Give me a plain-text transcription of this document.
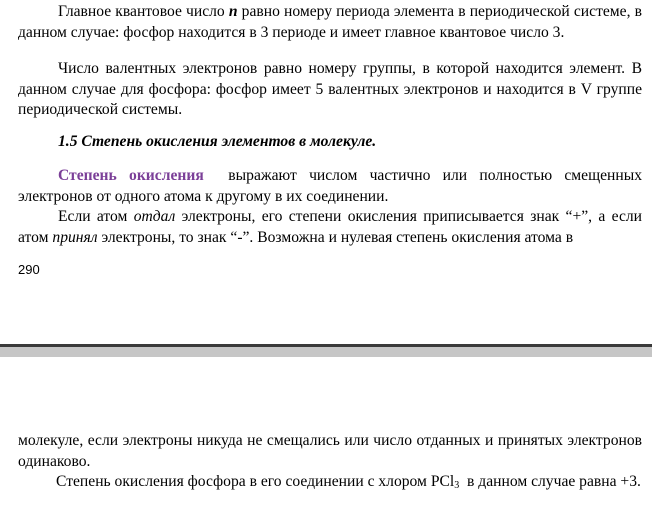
Главное квантовое число n равно номеру периода элемента в периодической системе, в данном случае: фосфор находится в 3 периоде и имеет главное квантовое число 3.

Число валентных электронов равно номеру группы, в которой находится элемент. В данном случае для фосфора: фосфор имеет 5 валентных электронов и находится в V группе периодической системы.

1.5 Степень окисления элементов в молекуле.

Степень окисления  выражают числом частично или полностью смещенных электронов от одного атома к другому в их соединении.

Если атом отдал электроны, его степени окисления приписывается знак “+”, а если атом принял электроны, то знак “-”. Возможна и нулевая степень окисления атома в

290

молекуле, если электроны никуда не смещались или число отданных и принятых электронов одинаково.

Степень окисления фосфора в его соединении с хлором PCl$_3$  в данном случае равна +3.
